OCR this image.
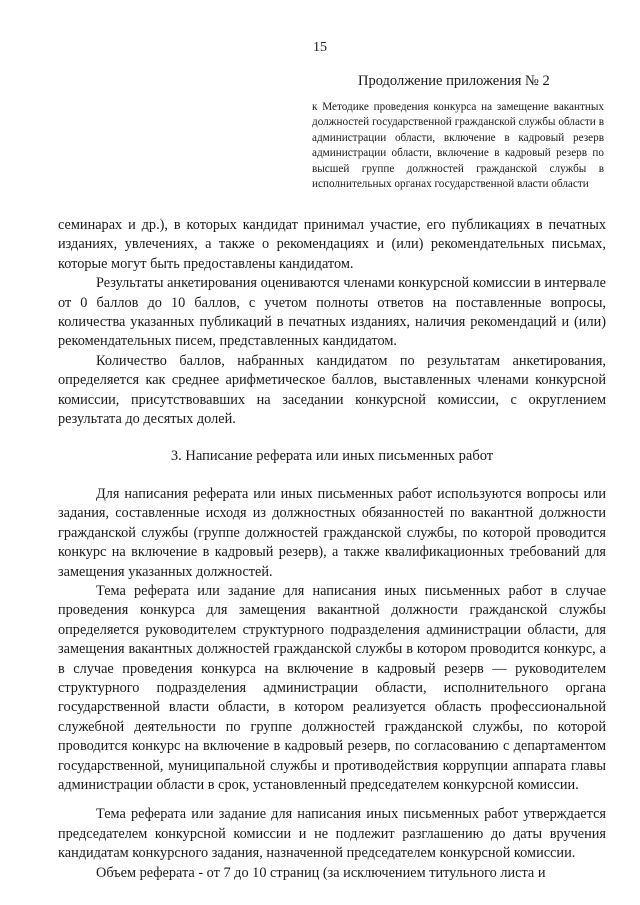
15
Продолжение приложения № 2
к Методике проведения конкурса на замещение вакантных должностей государственной гражданской службы области в администрации области, включение в кадровый резерв администрации области, включение в кадровый резерв по высшей группе должностей гражданской службы в исполнительных органах государственной власти области

семинарах и др.), в которых кандидат принимал участие, его публикациях в печатных изданиях, увлечениях, а также о рекомендациях и (или) рекомендательных письмах, которые могут быть предоставлены кандидатом.

Результаты анкетирования оцениваются членами конкурсной комиссии в интервале от 0 баллов до 10 баллов, с учетом полноты ответов на поставленные вопросы, количества указанных публикаций в печатных изданиях, наличия рекомендаций и (или) рекомендательных писем, представленных кандидатом.

Количество баллов, набранных кандидатом по результатам анкетирования, определяется как среднее арифметическое баллов, выставленных членами конкурсной комиссии, присутствовавших на заседании конкурсной комиссии, с округлением результата до десятых долей.

3. Написание реферата или иных письменных работ

Для написания реферата или иных письменных работ используются вопросы или задания, составленные исходя из должностных обязанностей по вакантной должности гражданской службы (группе должностей гражданской службы, по которой проводится конкурс на включение в кадровый резерв), а также квалификационных требований для замещения указанных должностей.

Тема реферата или задание для написания иных письменных работ в случае проведения конкурса для замещения вакантной должности гражданской службы определяется руководителем структурного подразделения администрации области, для замещения вакантных должностей гражданской службы в котором проводится конкурс, а в случае проведения конкурса на включение в кадровый резерв — руководителем структурного подразделения администрации области, исполнительного органа государственной власти области, в котором реализуется область профессиональной служебной деятельности по группе должностей гражданской службы, по которой проводится конкурс на включение в кадровый резерв, по согласованию с департаментом государственной, муниципальной службы и противодействия коррупции аппарата главы администрации области в срок, установленный председателем конкурсной комиссии.

Тема реферата или задание для написания иных письменных работ утверждается председателем конкурсной комиссии и не подлежит разглашению до даты вручения кандидатам конкурсного задания, назначенной председателем конкурсной комиссии.

Объем реферата - от 7 до 10 страниц (за исключением титульного листа и
